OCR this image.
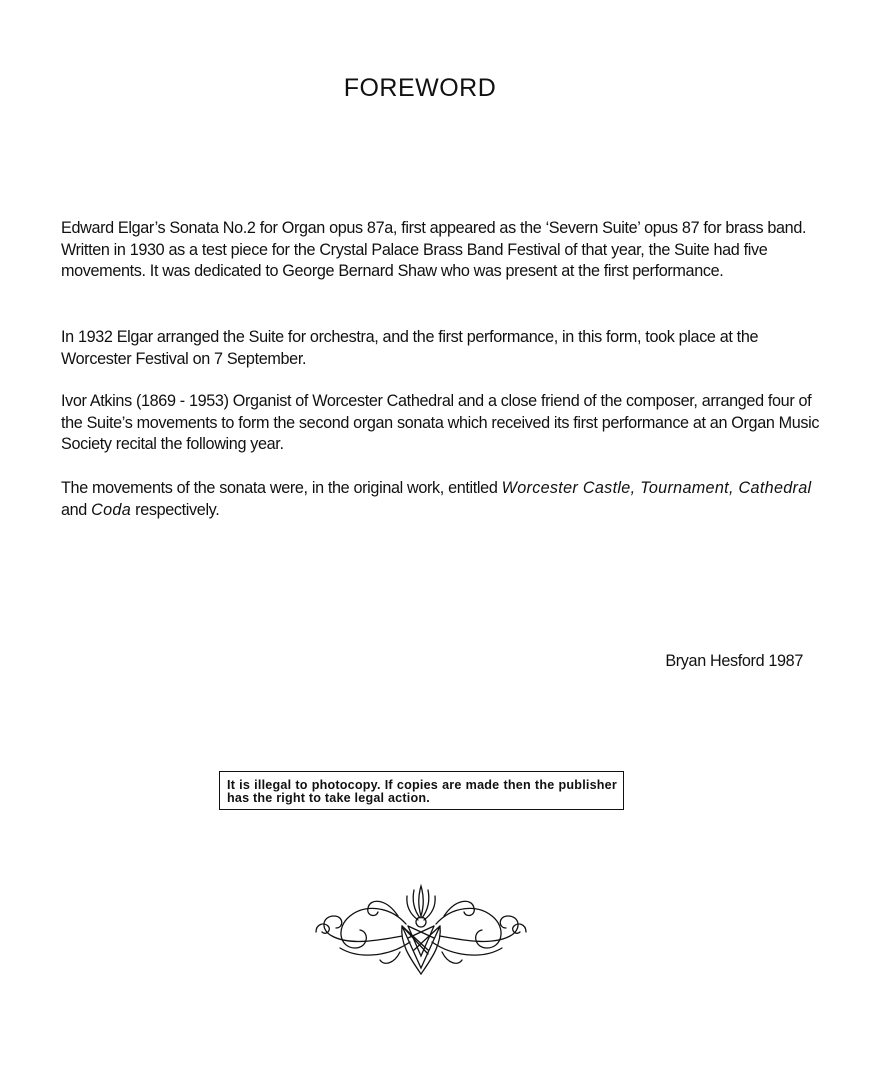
FOREWORD

Edward Elgar’s Sonata No.2 for Organ opus 87a, first appeared as the ‘Severn Suite’ opus 87 for brass band. Written in 1930 as a test piece for the Crystal Palace Brass Band Festival of that year, the Suite had five movements. It was dedicated to George Bernard Shaw who was present at the first performance.

In 1932 Elgar arranged the Suite for orchestra, and the first performance, in this form, took place at the Worcester Festival on 7 September.

Ivor Atkins (1869 - 1953) Organist of Worcester Cathedral and a close friend of the composer, arranged four of the Suite’s movements to form the second organ sonata which received its first performance at an Organ Music Society recital the following year.

The movements of the sonata were, in the original work, entitled Worcester Castle, Tournament, Cathedral and Coda respectively.

Bryan Hesford 1987
It is illegal to photocopy. If copies are made then the publisher has the right to take legal action.
